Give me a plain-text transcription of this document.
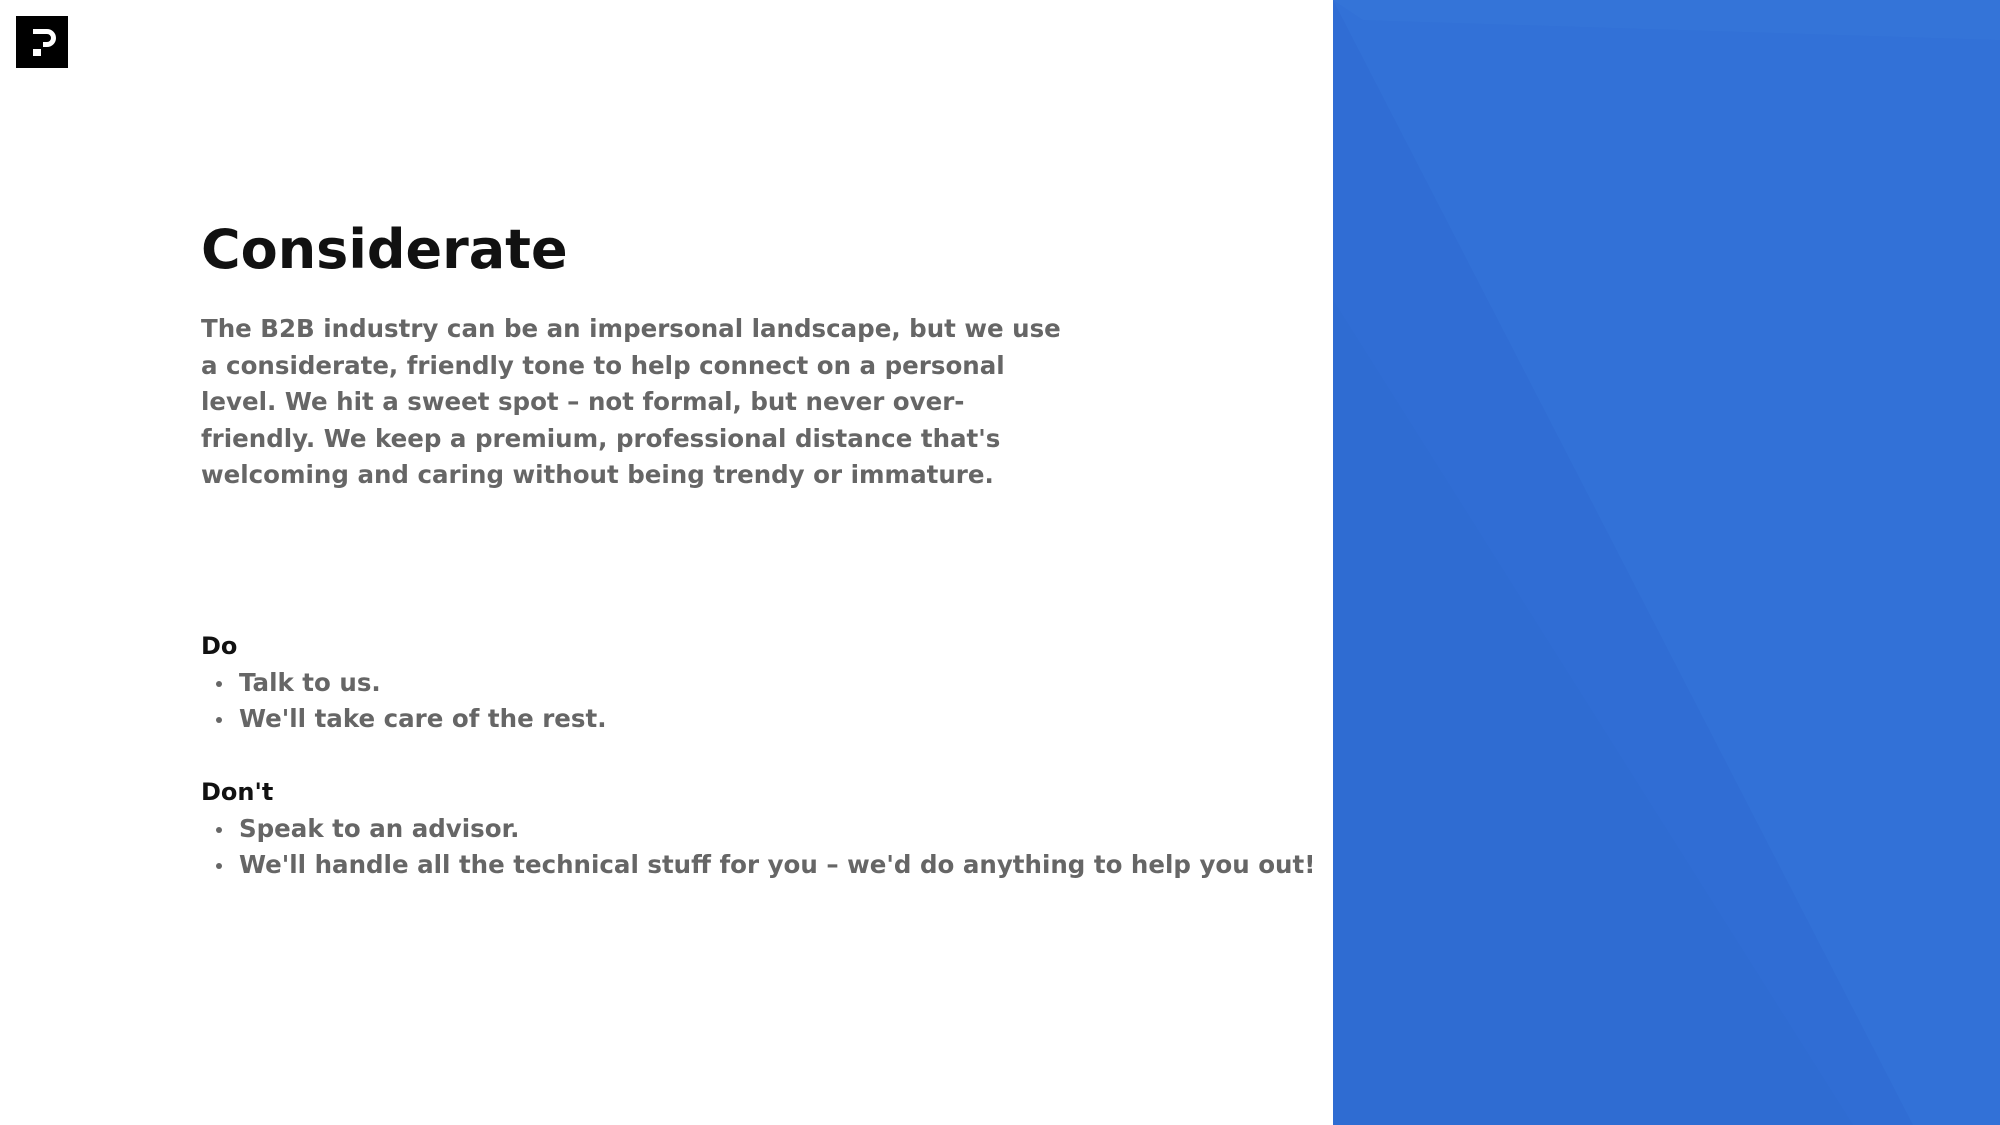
Considerate

The B2B industry can be an impersonal landscape, but we use a considerate, friendly tone to help connect on a personal level. We hit a sweet spot – not formal, but never over-friendly. We keep a premium, professional distance that's welcoming and caring without being trendy or immature.

Do
Talk to us.
We'll take care of the rest.
Don't
Speak to an advisor.
We'll handle all the technical stuff for you – we'd do anything to help you out!
